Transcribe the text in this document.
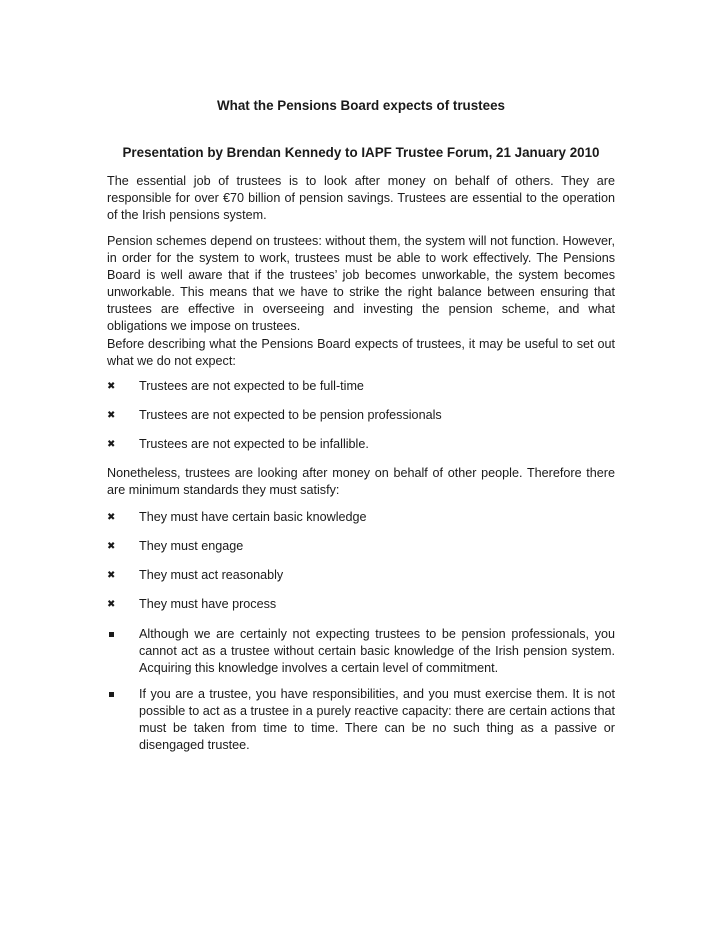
What the Pensions Board expects of trustees
Presentation by Brendan Kennedy to IAPF Trustee Forum, 21 January 2010

The essential job of trustees is to look after money on behalf of others. They are responsible for over €70 billion of pension savings. Trustees are essential to the operation of the Irish pensions system.

Pension schemes depend on trustees: without them, the system will not function. However, in order for the system to work, trustees must be able to work effectively. The Pensions Board is well aware that if the trustees’ job becomes unworkable, the system becomes unworkable. This means that we have to strike the right balance between ensuring that trustees are effective in overseeing and investing the pension scheme, and what obligations we impose on trustees.

Before describing what the Pensions Board expects of trustees, it may be useful to set out what we do not expect:

✖	Trustees are not expected to be full-time
✖	Trustees are not expected to be pension professionals
✖	Trustees are not expected to be infallible.

Nonetheless, trustees are looking after money on behalf of other people. Therefore there are minimum standards they must satisfy:

✖	They must have certain basic knowledge
✖	They must engage
✖	They must act reasonably
✖	They must have process
Although we are certainly not expecting trustees to be pension professionals, you cannot act as a trustee without certain basic knowledge of the Irish pension system. Acquiring this knowledge involves a certain level of commitment.
If you are a trustee, you have responsibilities, and you must exercise them. It is not possible to act as a trustee in a purely reactive capacity: there are certain actions that must be taken from time to time. There can be no such thing as a passive or disengaged trustee.
